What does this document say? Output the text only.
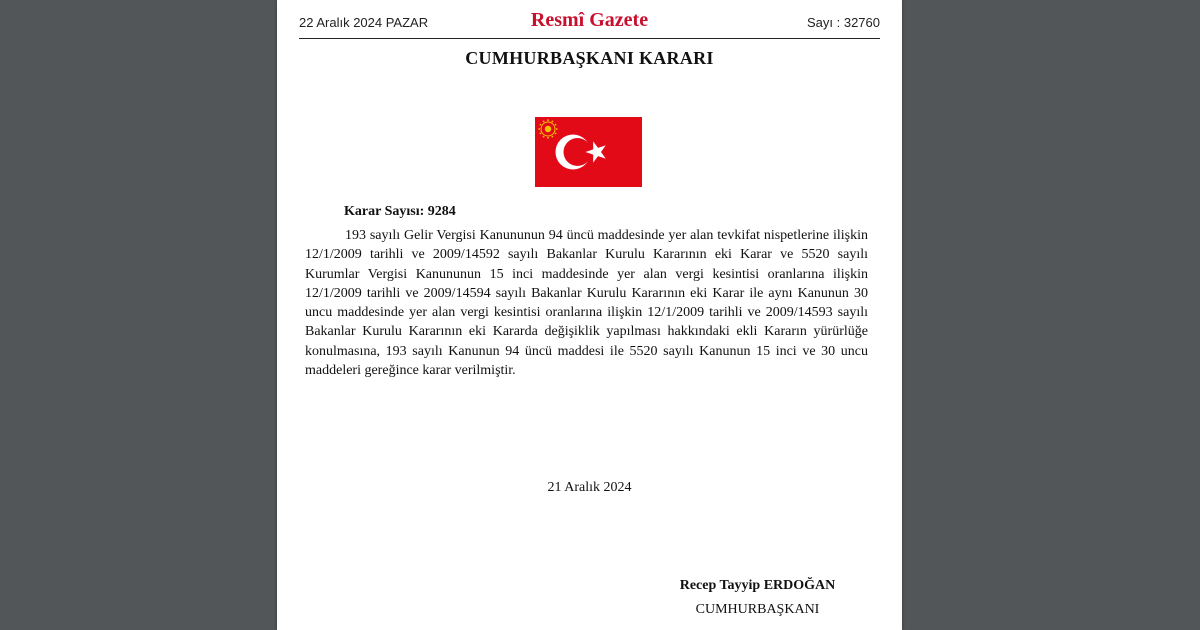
22 Aralık 2024 PAZAR	Resmî Gazete	Sayı : 32760
CUMHURBAŞKANI KARARI
Karar Sayısı: 9284

193 sayılı Gelir Vergisi Kanununun 94 üncü maddesinde yer alan tevkifat nispetlerine ilişkin 12/1/2009 tarihli ve 2009/14592 sayılı Bakanlar Kurulu Kararının eki Karar ve 5520 sayılı Kurumlar Vergisi Kanununun 15 inci maddesinde yer alan vergi kesintisi oranlarına ilişkin 12/1/2009 tarihli ve 2009/14594 sayılı Bakanlar Kurulu Kararının eki Karar ile aynı Kanunun 30 uncu maddesinde yer alan vergi kesintisi oranlarına ilişkin 12/1/2009 tarihli ve 2009/14593 sayılı Bakanlar Kurulu Kararının eki Kararda değişiklik yapılması hakkındaki ekli Kararın yürürlüğe konulmasına, 193 sayılı Kanunun 94 üncü maddesi ile 5520 sayılı Kanunun 15 inci ve 30 uncu maddeleri gereğince karar verilmiştir.

21 Aralık 2024
Recep Tayyip ERDOĞAN
CUMHURBAŞKANI
